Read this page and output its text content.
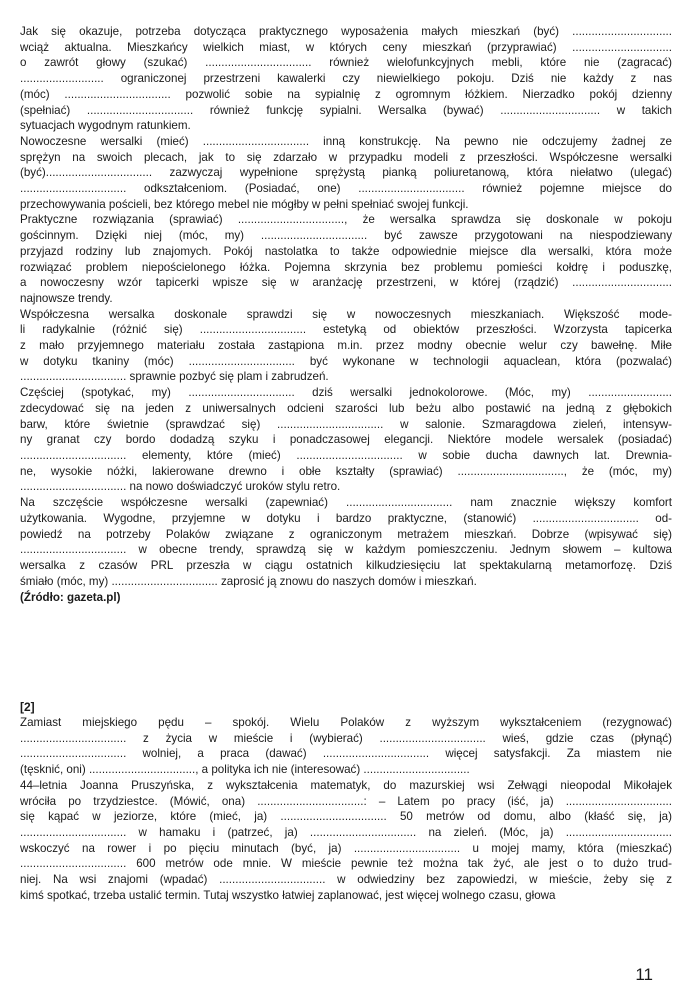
Jak się okazuje, potrzeba dotycząca praktycznego wyposażenia małych mieszkań (być) ...............................
wciąż aktualna. Mieszkańcy wielkich miast, w których ceny mieszkań (przyprawiać) ...............................
o zawrót głowy (szukać) ................................. również wielofunkcyjnych mebli, które nie (zagracać)
.......................... ograniczonej przestrzeni kawalerki czy niewielkiego pokoju. Dziś nie każdy z nas
(móc) ................................. pozwolić sobie na sypialnię z ogromnym łóżkiem. Nierzadko pokój dzienny
(spełniać) ................................. również funkcję sypialni. Wersalka (bywać) ............................... w takich
sytuacjach wygodnym ratunkiem.

Nowoczesne wersalki (mieć) ................................. inną konstrukcję. Na pewno nie odczujemy żadnej ze
sprężyn na swoich plecach, jak to się zdarzało w przypadku modeli z przeszłości. Współczesne wersalki
(być)................................. zazwyczaj wypełnione sprężystą pianką poliuretanową, która niełatwo (ulegać)
................................. odkształceniom. (Posiadać, one) ................................. również pojemne miejsce do
przechowywania pościeli, bez którego mebel nie mógłby w pełni spełniać swojej funkcji.

Praktyczne rozwiązania (sprawiać) ................................., że wersalka sprawdza się doskonale w pokoju
gościnnym. Dzięki niej (móc, my) ................................. być zawsze przygotowani na niespodziewany
przyjazd rodziny lub znajomych. Pokój nastolatka to także odpowiednie miejsce dla wersalki, która może
rozwiązać problem niepościelonego łóżka. Pojemna skrzynia bez problemu pomieści kołdrę i poduszkę,
a nowoczesny wzór tapicerki wpisze się w aranżację przestrzeni, w której (rządzić) ...............................
najnowsze trendy.

Współczesna wersalka doskonale sprawdzi się w nowoczesnych mieszkaniach. Większość mode-
li radykalnie (różnić się) ................................. estetyką od obiektów przeszłości. Wzorzysta tapicerka
z mało przyjemnego materiału została zastąpiona m.in. przez modny obecnie welur czy bawełnę. Miłe
w dotyku tkaniny (móc) ................................. być wykonane w technologii aquaclean, która (pozwalać)
................................. sprawnie pozbyć się plam i zabrudzeń.

Częściej (spotykać, my) ................................. dziś wersalki jednokolorowe. (Móc, my) ..........................
zdecydować się na jeden z uniwersalnych odcieni szarości lub beżu albo postawić na jedną z głębokich
barw, które świetnie (sprawdzać się) ................................. w salonie. Szmaragdowa zieleń, intensyw-
ny granat czy bordo dodadzą szyku i ponadczasowej elegancji. Niektóre modele wersalek (posiadać)
................................. elementy, które (mieć) ................................. w sobie ducha dawnych lat. Drewnia-
ne, wysokie nóżki, lakierowane drewno i obłe kształty (sprawiać) ................................., że (móc, my)
................................. na nowo doświadczyć uroków stylu retro.

Na szczęście współczesne wersalki (zapewniać) ................................. nam znacznie większy komfort
użytkowania. Wygodne, przyjemne w dotyku i bardzo praktyczne, (stanowić) ................................. od-
powiedź na potrzeby Polaków związane z ograniczonym metrażem mieszkań. Dobrze (wpisywać się)
................................. w obecne trendy, sprawdzą się w każdym pomieszczeniu. Jednym słowem – kultowa
wersalka z czasów PRL przeszła w ciągu ostatnich kilkudziesięciu lat spektakularną metamorfozę. Dziś
śmiało (móc, my) ................................. zaprosić ją znowu do naszych domów i mieszkań.

(Źródło: gazeta.pl)
[2]

Zamiast miejskiego pędu – spokój. Wielu Polaków z wyższym wykształceniem (rezygnować)
................................. z życia w mieście i (wybierać) ................................. wieś, gdzie czas (płynąć)
................................. wolniej, a praca (dawać) ................................. więcej satysfakcji. Za miastem nie
(tęsknić, oni) ................................., a polityka ich nie (interesować) .................................

44–letnia Joanna Pruszyńska, z wykształcenia matematyk, do mazurskiej wsi Zełwągi nieopodal Mikołajek
wróciła po trzydziestce. (Mówić, ona) .................................: – Latem po pracy (iść, ja) .................................
się kąpać w jeziorze, które (mieć, ja) ................................. 50 metrów od domu, albo (kłaść się, ja)
................................. w hamaku i (patrzeć, ja) ................................. na zieleń. (Móc, ja) .................................
wskoczyć na rower i po pięciu minutach (być, ja) ................................. u mojej mamy, która (mieszkać)
................................. 600 metrów ode mnie. W mieście pewnie też można tak żyć, ale jest o to dużo trud-
niej. Na wsi znajomi (wpadać) ................................. w odwiedziny bez zapowiedzi, w mieście, żeby się z
kimś spotkać, trzeba ustalić termin. Tutaj wszystko łatwiej zaplanować, jest więcej wolnego czasu, głowa

11
